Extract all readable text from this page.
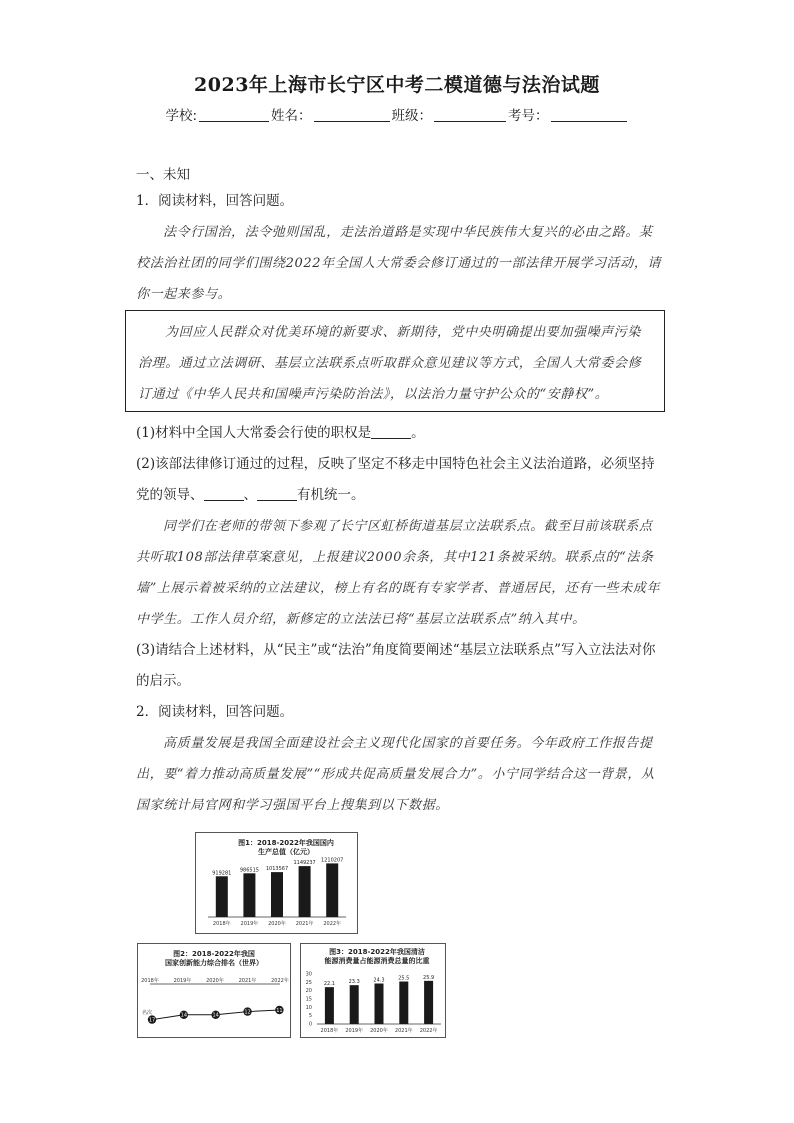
2023年上海市长宁区中考二模道德与法治试题
学校:	姓名：	班级：	考号：

一、未知

1．阅读材料，回答问题。

法令行国治，法令弛则国乱，走法治道路是实现中华民族伟大复兴的必由之路。某校法治社团的同学们围绕2022年全国人大常委会修订通过的一部法律开展学习活动，请你一起来参与。

为回应人民群众对优美环境的新要求、新期待，党中央明确提出要加强噪声污染治理。通过立法调研、基层立法联系点听取群众意见建议等方式，全国人大常委会修订通过《中华人民共和国噪声污染防治法》，以法治力量守护公众的“安静权”。

(1)材料中全国人大常委会行使的职权是	。

(2)该部法律修订通过的过程，反映了坚定不移走中国特色社会主义法治道路，必须坚持党的领导、	、	有机统一。

同学们在老师的带领下参观了长宁区虹桥街道基层立法联系点。截至目前该联系点共听取108部法律草案意见，上报建议2000余条，其中121条被采纳。联系点的“法条墙”上展示着被采纳的立法建议，榜上有名的既有专家学者、普通居民，还有一些未成年中学生。工作人员介绍，新修定的立法法已将“基层立法联系点”纳入其中。

(3)请结合上述材料，从“民主”或“法治”角度简要阐述“基层立法联系点”写入立法法对你的启示。

2．阅读材料，回答问题。

高质量发展是我国全面建设社会主义现代化国家的首要任务。今年政府工作报告提出，要“着力推动高质量发展”“形成共促高质量发展合力”。小宁同学结合这一背景，从国家统计局官网和学习强国平台上搜集到以下数据。

图1：2018-2022年我国国内
生产总值（亿元）
919281
2018年
986515
2019年
1013567
2020年
1149237
2021年
1210207
2022年
图2：2018-2022年我国
国家创新能力综合排名（世界）
2018年	2019年	2020年	2021年	2022年
名次
17
14	14
12	11
图3：2018-2022年我国清洁
能源消费量占能源消费总量的比重
30
25
20
15
10
5
0
22.1
2018年
23.3
2019年
24.3
2020年
25.5
2021年
25.9
2022年
